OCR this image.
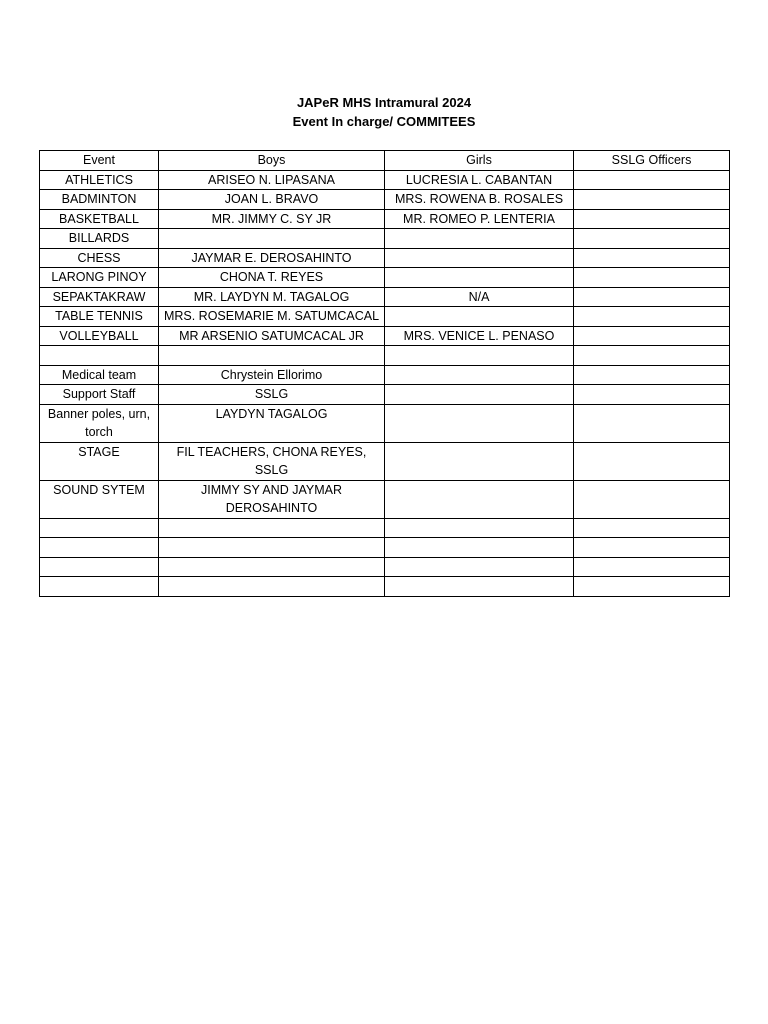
JAPeR MHS Intramural 2024
Event In charge/ COMMITEES
Event	Boys	Girls	SSLG Officers
ATHLETICS	ARISEO N. LIPASANA	LUCRESIA L. CABANTAN	
BADMINTON	JOAN L. BRAVO	MRS. ROWENA B. ROSALES	
BASKETBALL	MR. JIMMY C. SY JR	MR. ROMEO P. LENTERIA	
BILLARDS			
CHESS	JAYMAR E. DEROSAHINTO		
LARONG PINOY	CHONA T. REYES		
SEPAKTAKRAW	MR. LAYDYN M. TAGALOG	N/A	
TABLE TENNIS	MRS. ROSEMARIE M. SATUMCACAL		
VOLLEYBALL	MR ARSENIO SATUMCACAL JR	MRS. VENICE L. PENASO	

Medical team	Chrystein Ellorimo		
Support Staff	SSLG		
Banner poles, urn, torch	LAYDYN TAGALOG		
STAGE	FIL TEACHERS, CHONA REYES, SSLG		
SOUND SYTEM	JIMMY SY AND JAYMAR DEROSAHINTO		
